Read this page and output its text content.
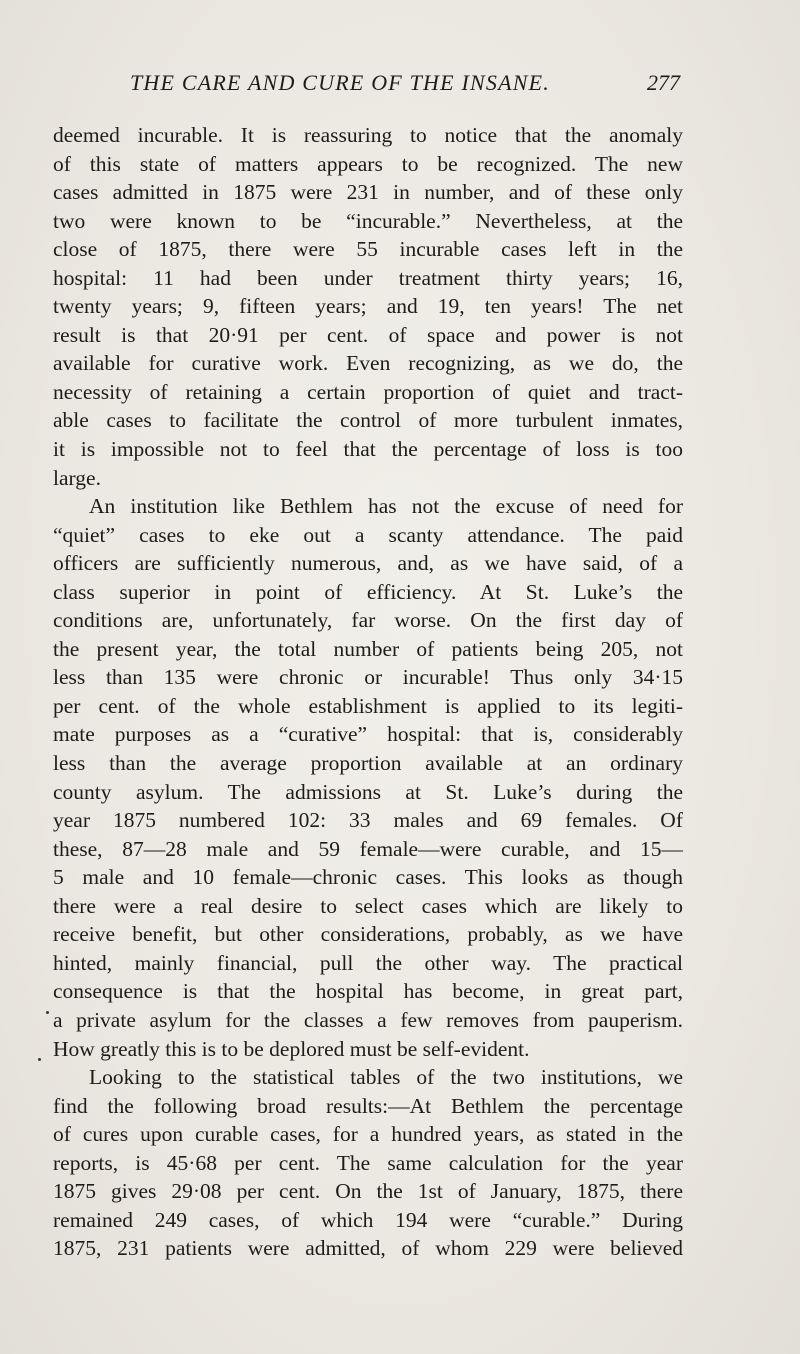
THE CARE AND CURE OF THE INSANE.	277
deemed incurable. It is reassuring to notice that the anomaly
of this state of matters appears to be recognized. The new
cases admitted in 1875 were 231 in number, and of these only
two were known to be “incurable.” Nevertheless, at the
close of 1875, there were 55 incurable cases left in the
hospital: 11 had been under treatment thirty years; 16,
twenty years; 9, fifteen years; and 19, ten years! The net
result is that 20·91 per cent. of space and power is not
available for curative work. Even recognizing, as we do, the
necessity of retaining a certain proportion of quiet and tract-
able cases to facilitate the control of more turbulent inmates,
it is impossible not to feel that the percentage of loss is too
large.
An institution like Bethlem has not the excuse of need for
“quiet” cases to eke out a scanty attendance. The paid
officers are sufficiently numerous, and, as we have said, of a
class superior in point of efficiency. At St. Luke’s the
conditions are, unfortunately, far worse. On the first day of
the present year, the total number of patients being 205, not
less than 135 were chronic or incurable! Thus only 34·15
per cent. of the whole establishment is applied to its legiti-
mate purposes as a “curative” hospital: that is, considerably
less than the average proportion available at an ordinary
county asylum. The admissions at St. Luke’s during the
year 1875 numbered 102: 33 males and 69 females. Of
these, 87—28 male and 59 female—were curable, and 15—
5 male and 10 female—chronic cases. This looks as though
there were a real desire to select cases which are likely to
receive benefit, but other considerations, probably, as we have
hinted, mainly financial, pull the other way. The practical
consequence is that the hospital has become, in great part,
a private asylum for the classes a few removes from pauperism.
How greatly this is to be deplored must be self-evident.
Looking to the statistical tables of the two institutions, we
find the following broad results:—At Bethlem the percentage
of cures upon curable cases, for a hundred years, as stated in the
reports, is 45·68 per cent. The same calculation for the year
1875 gives 29·08 per cent. On the 1st of January, 1875, there
remained 249 cases, of which 194 were “curable.” During
1875, 231 patients were admitted, of whom 229 were believed
